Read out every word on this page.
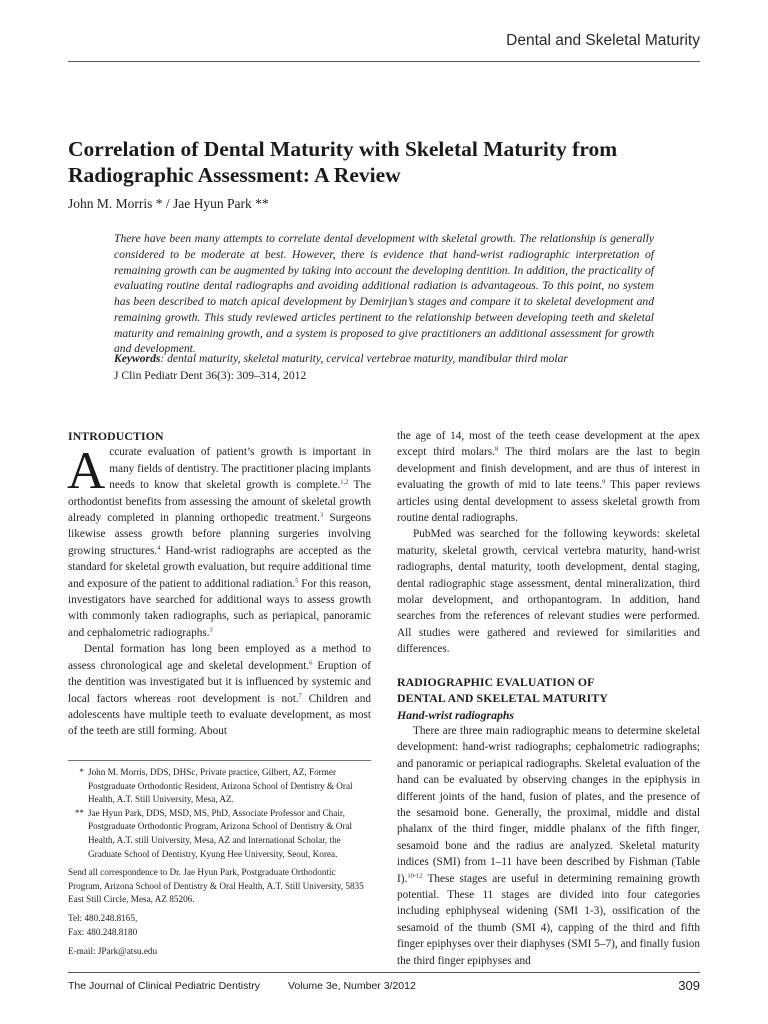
Dental and Skeletal Maturity
Correlation of Dental Maturity with Skeletal Maturity from Radiographic Assessment: A Review
John M. Morris * / Jae Hyun Park **
There have been many attempts to correlate dental development with skeletal growth. The relationship is generally considered to be moderate at best. However, there is evidence that hand-wrist radiographic interpretation of remaining growth can be augmented by taking into account the developing dentition. In addition, the practicality of evaluating routine dental radiographs and avoiding additional radiation is advantageous. To this point, no system has been described to match apical development by Demirjian’s stages and compare it to skeletal development and remaining growth. This study reviewed articles pertinent to the relationship between developing teeth and skeletal maturity and remaining growth, and a system is proposed to give practitioners an additional assessment for growth and development.
Keywords: dental maturity, skeletal maturity, cervical vertebrae maturity, mandibular third molar
J Clin Pediatr Dent 36(3): 309–314, 2012

INTRODUCTION

Accurate evaluation of patient’s growth is important in many fields of dentistry. The practitioner placing implants needs to know that skeletal growth is complete.$^{1,2}$ The orthodontist benefits from assessing the amount of skeletal growth already completed in planning orthopedic treatment.$^3$ Surgeons likewise assess growth before planning surgeries involving growing structures.$^4$ Hand-wrist radiographs are accepted as the standard for skeletal growth evaluation, but require additional time and exposure of the patient to additional radiation.$^5$ For this reason, investigators have searched for additional ways to assess growth with commonly taken radiographs, such as periapical, panoramic and cephalometric radiographs.$^3$

Dental formation has long been employed as a method to assess chronological age and skeletal development.$^6$ Eruption of the dentition was investigated but it is influenced by systemic and local factors whereas root development is not.$^7$ Children and adolescents have multiple teeth to evaluate development, as most of the teeth are still forming. About

the age of 14, most of the teeth cease development at the apex except third molars.$^8$ The third molars are the last to begin development and finish development, and are thus of interest in evaluating the growth of mid to late teens.$^9$ This paper reviews articles using dental development to assess skeletal growth from routine dental radiographs.

PubMed was searched for the following keywords: skeletal maturity, skeletal growth, cervical vertebra maturity, hand-wrist radiographs, dental maturity, tooth development, dental staging, dental radiographic stage assessment, dental mineralization, third molar development, and orthopantogram. In addition, hand searches from the references of relevant studies were performed. All studies were gathered and reviewed for similarities and differences.

RADIOGRAPHIC EVALUATION OF
DENTAL AND SKELETAL MATURITY

Hand-wrist radiographs

There are three main radiographic means to determine skeletal development: hand-wrist radiographs; cephalometric radiographs; and panoramic or periapical radiographs. Skeletal evaluation of the hand can be evaluated by observing changes in the epiphysis in different joints of the hand, fusion of plates, and the presence of the sesamoid bone. Generally, the proximal, middle and distal phalanx of the third finger, middle phalanx of the fifth finger, sesamoid bone and the radius are analyzed. Skeletal maturity indices (SMI) from 1–11 have been described by Fishman (Table I).$^{10-12}$ These stages are useful in determining remaining growth potential. These 11 stages are divided into four categories including ephiphyseal widening (SMI 1-3), ossification of the sesamoid of the thumb (SMI 4), capping of the third and fifth finger epiphyses over their diaphyses (SMI 5–7), and finally fusion the third finger epiphyses and

* John M. Morris, DDS, DHSc, Private practice, Gilbert, AZ, Former Postgraduate Orthodontic Resident, Arizona School of Dentistry & Oral Health, A.T. Still University, Mesa, AZ.
** Jae Hyun Park, DDS, MSD, MS, PhD, Associate Professor and Chair, Postgraduate Orthodontic Program, Arizona School of Dentistry & Oral Health, A.T. still University, Mesa, AZ and International Scholar, the Graduate School of Dentistry, Kyung Hee University, Seoul, Korea.
Send all correspondence to Dr. Jae Hyun Park, Postgraduate Orthodontic Program, Arizona School of Dentistry & Oral Health, A.T. Still University, 5835 East Still Circle, Mesa, AZ 85206.
Tel: 480.248.8165,
Fax: 480.248.8180
E-mail: JPark@atsu.edu
The Journal of Clinical Pediatric Dentistry	Volume 3e, Number 3/2012	309
